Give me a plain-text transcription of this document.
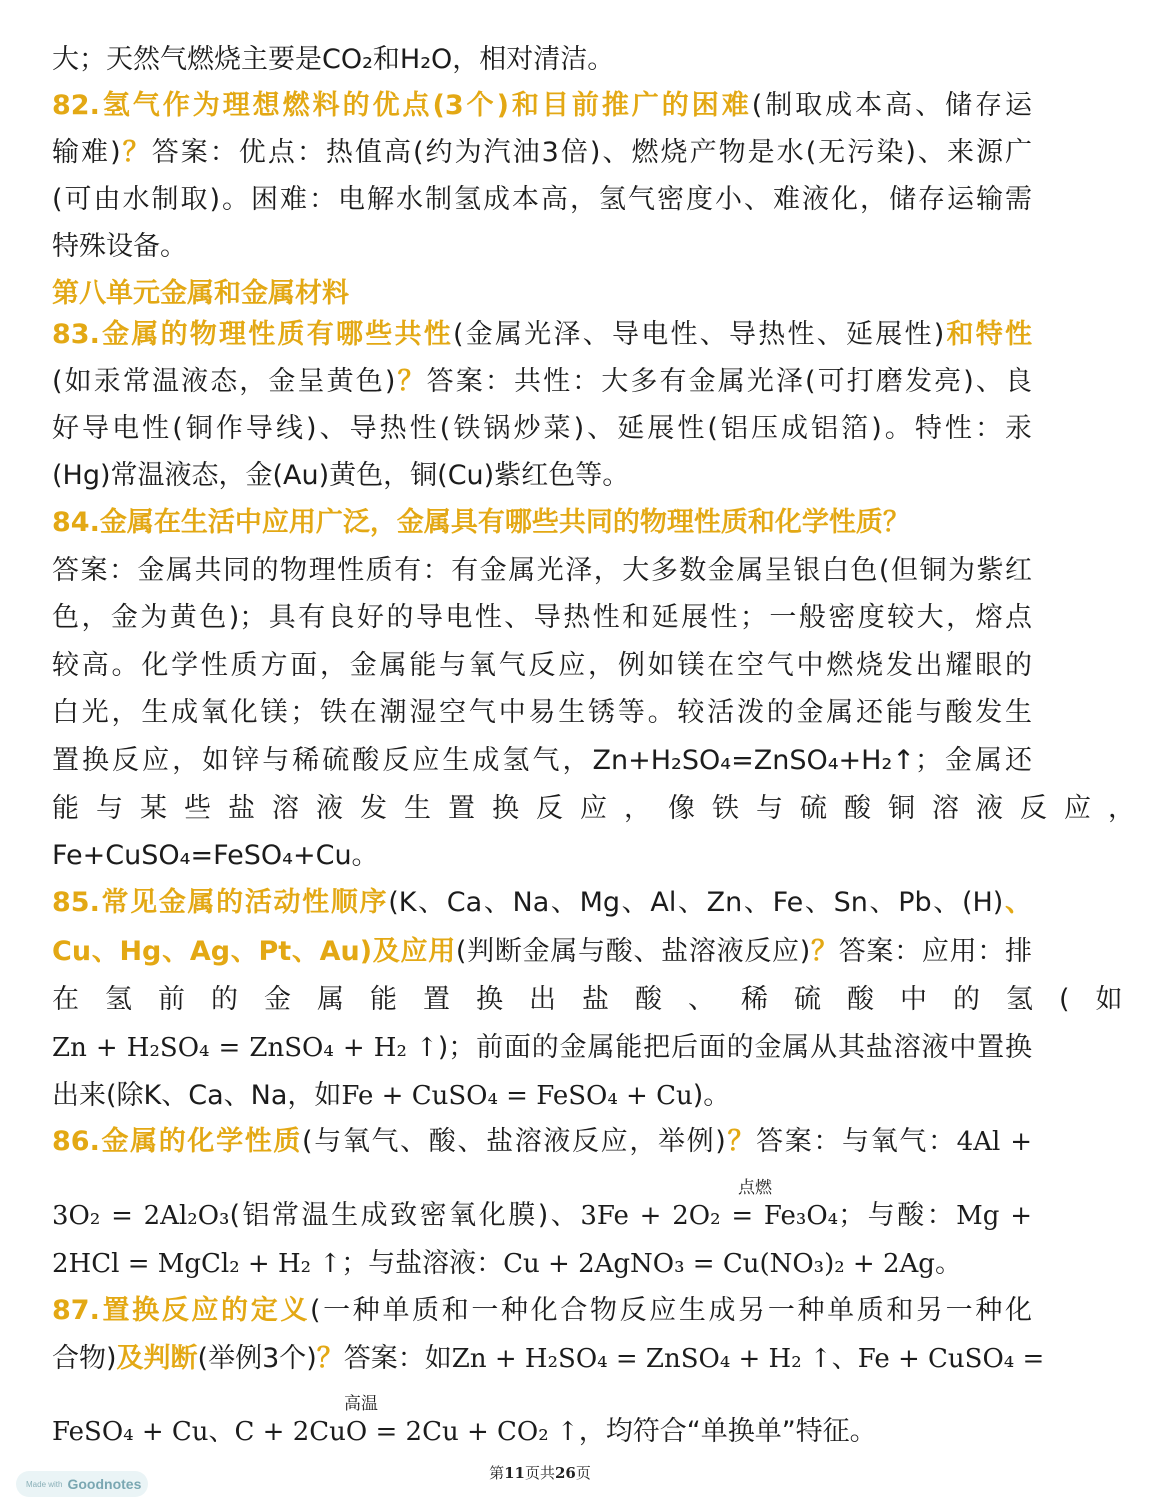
大；天然气燃烧主要是CO₂和H₂O，相对清洁。
82.氢气作为理想燃料的优点(3个)和目前推广的困难(制取成本高、储存运
输难)？答案：优点：热值高(约为汽油3倍)、燃烧产物是水(无污染)、来源广
(可由水制取)。困难：电解水制氢成本高，氢气密度小、难液化，储存运输需
特殊设备。
第八单元金属和金属材料
83.金属的物理性质有哪些共性(金属光泽、导电性、导热性、延展性)和特性
(如汞常温液态，金呈黄色)？答案：共性：大多有金属光泽(可打磨发亮)、良
好导电性(铜作导线)、导热性(铁锅炒菜)、延展性(铝压成铝箔)。特性：汞
(Hg)常温液态，金(Au)黄色，铜(Cu)紫红色等。
84.金属在生活中应用广泛，金属具有哪些共同的物理性质和化学性质？
答案：金属共同的物理性质有：有金属光泽，大多数金属呈银白色(但铜为紫红
色，金为黄色)；具有良好的导电性、导热性和延展性；一般密度较大，熔点
较高。化学性质方面，金属能与氧气反应，例如镁在空气中燃烧发出耀眼的
白光，生成氧化镁；铁在潮湿空气中易生锈等。较活泼的金属还能与酸发生
置换反应，如锌与稀硫酸反应生成氢气，Zn+H₂SO₄=ZnSO₄+H₂↑；金属还
能与某些盐溶液发生置换反应，像铁与硫酸铜溶液反应，
Fe+CuSO₄=FeSO₄+Cu。
85.常见金属的活动性顺序(K、Ca、Na、Mg、Al、Zn、Fe、Sn、Pb、(H)、
Cu、Hg、Ag、Pt、Au)及应用(判断金属与酸、盐溶液反应)？答案：应用：排
在氢前的金属能置换出盐酸、稀硫酸中的氢(如
Zn + H₂SO₄ = ZnSO₄ + H₂ ↑)；前面的金属能把后面的金属从其盐溶液中置换
出来(除K、Ca、Na，如Fe + CuSO₄ = FeSO₄ + Cu)。
86.金属的化学性质(与氧气、酸、盐溶液反应，举例)？答案：与氧气：4Al +
3O₂ = 2Al₂O₃(铝常温生成致密氧化膜)、3Fe + 2O₂ = Fe₃O₄；与酸：Mg +
2HCl = MgCl₂ + H₂ ↑；与盐溶液：Cu + 2AgNO₃ = Cu(NO₃)₂ + 2Ag。
87.置换反应的定义(一种单质和一种化合物反应生成另一种单质和另一种化
合物)及判断(举例3个)？答案：如Zn + H₂SO₄ = ZnSO₄ + H₂ ↑、Fe + CuSO₄ =
FeSO₄ + Cu、C + 2CuO = 2Cu + CO₂ ↑，均符合“单换单”特征。
点燃
高温
第11页共26页
Made with Goodnotes
